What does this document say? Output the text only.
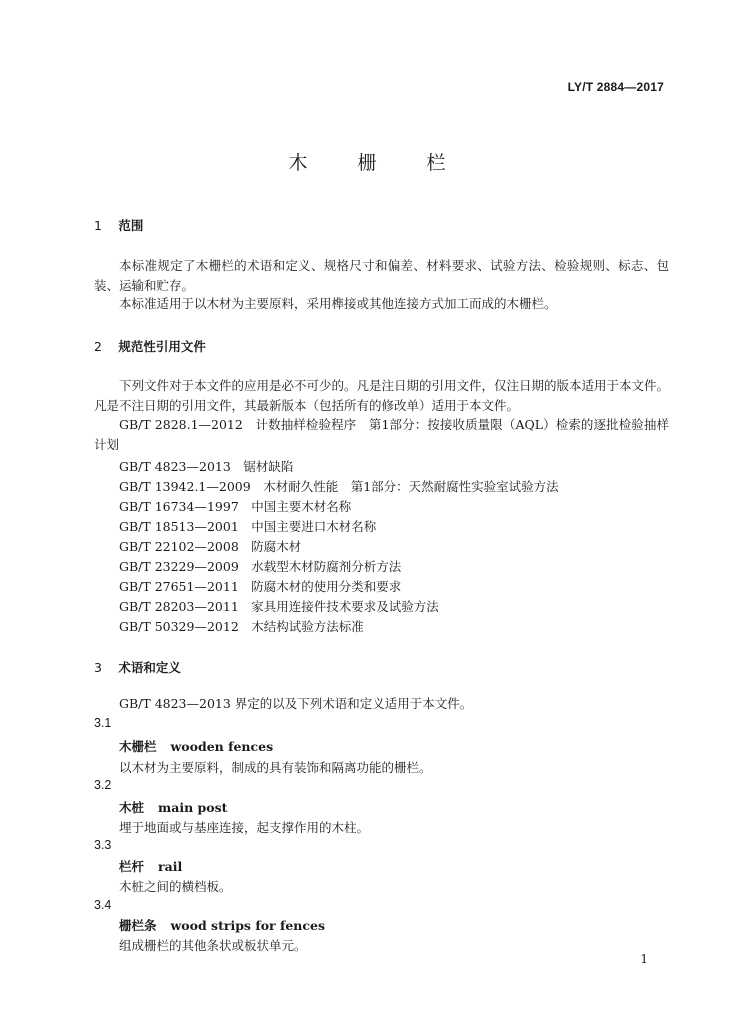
LY/T 2884—2017
木 栅 栏
1 范围
本标准规定了木栅栏的术语和定义、规格尺寸和偏差、材料要求、试验方法、检验规则、标志、包装、运输和贮存。
本标准适用于以木材为主要原料，采用榫接或其他连接方式加工而成的木栅栏。
2 规范性引用文件
下列文件对于本文件的应用是必不可少的。凡是注日期的引用文件，仅注日期的版本适用于本文件。凡是不注日期的引用文件，其最新版本（包括所有的修改单）适用于本文件。
GB/T 2828.1—2012　计数抽样检验程序　第1部分：按接收质量限（AQL）检索的逐批检验抽样计划
GB/T 4823—2013　锯材缺陷
GB/T 13942.1—2009　木材耐久性能　第1部分：天然耐腐性实验室试验方法
GB/T 16734—1997　中国主要木材名称
GB/T 18513—2001　中国主要进口木材名称
GB/T 22102—2008　防腐木材
GB/T 23229—2009　水载型木材防腐剂分析方法
GB/T 27651—2011　防腐木材的使用分类和要求
GB/T 28203—2011　家具用连接件技术要求及试验方法
GB/T 50329—2012　木结构试验方法标准
3 术语和定义
GB/T 4823—2013 界定的以及下列术语和定义适用于本文件。
3.1
木栅栏 wooden fences
以木材为主要原料，制成的具有装饰和隔离功能的栅栏。
3.2
木桩 main post
埋于地面或与基座连接，起支撑作用的木柱。
3.3
栏杆 rail
木桩之间的横档板。
3.4
栅栏条 wood strips for fences
组成栅栏的其他条状或板状单元。
1
